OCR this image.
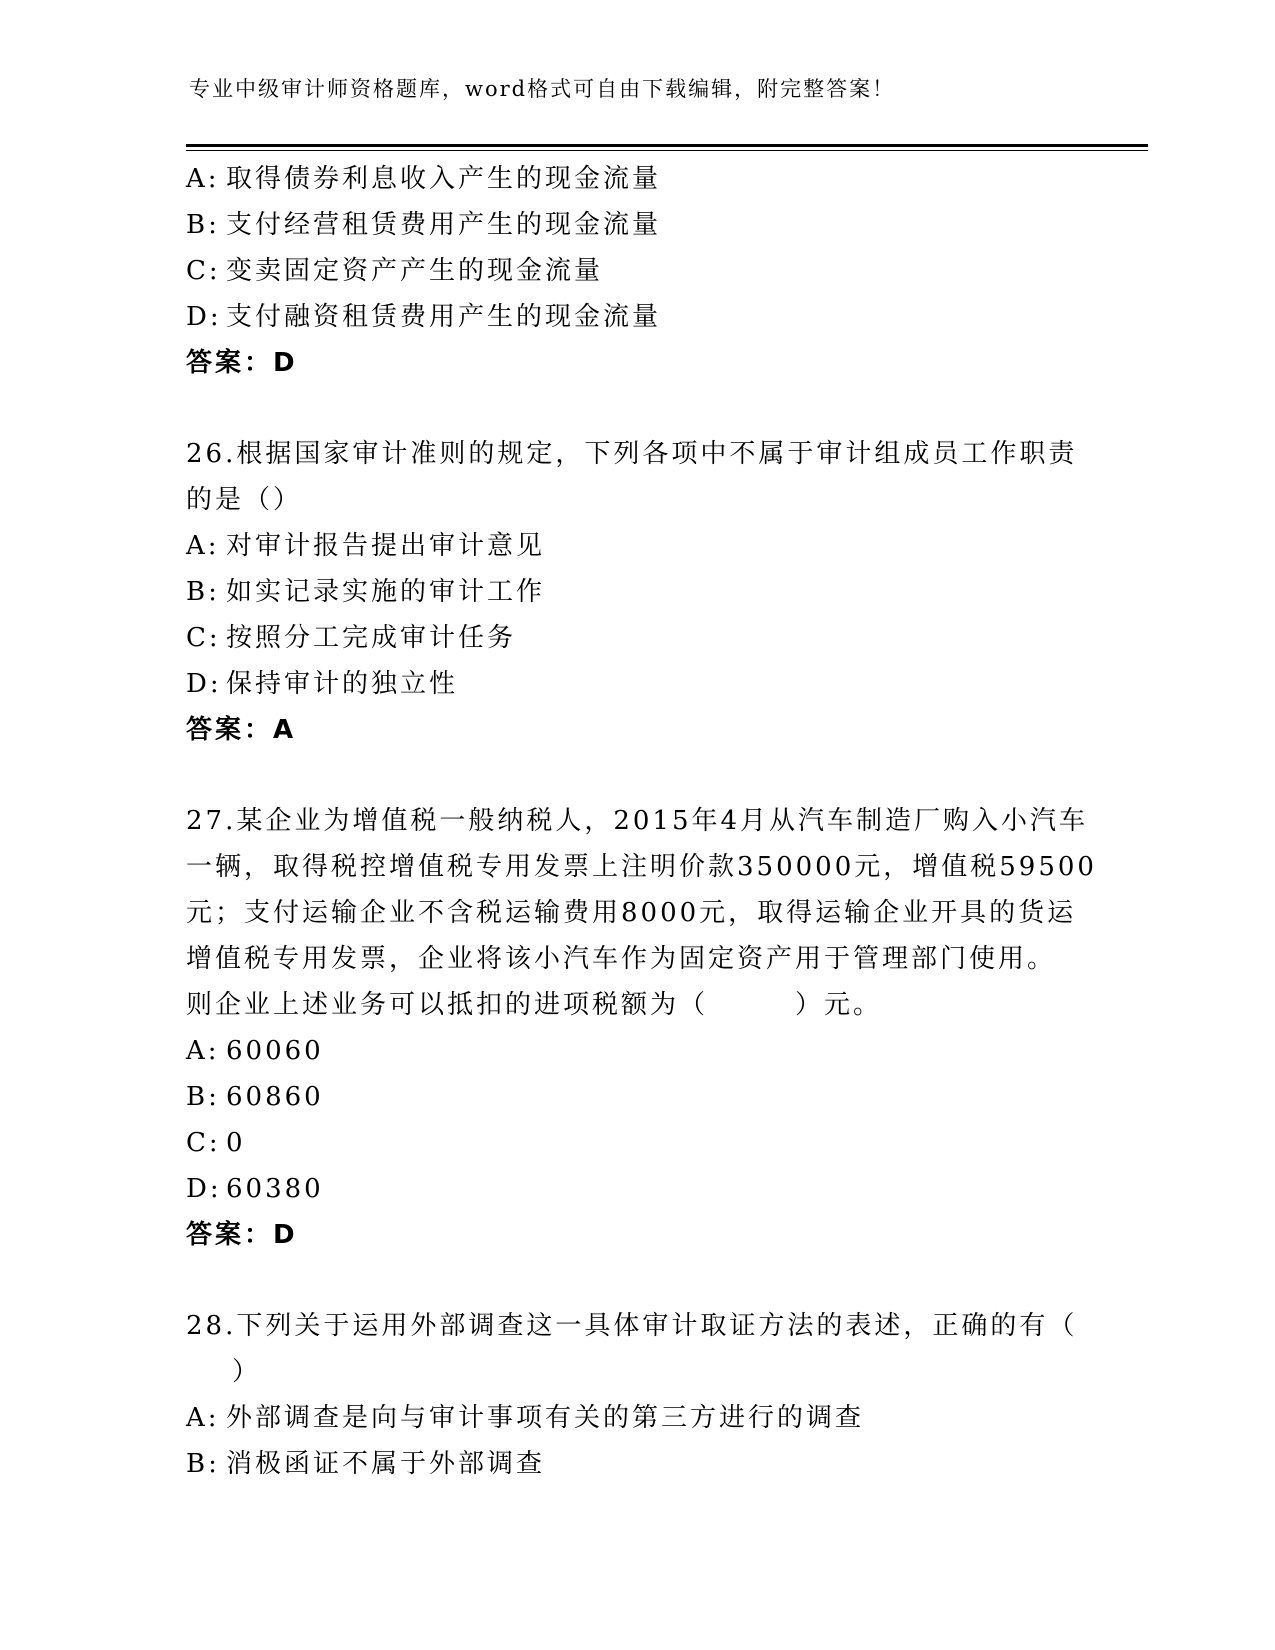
专业中级审计师资格题库，word格式可自由下载编辑，附完整答案！
A: 取得债券利息收入产生的现金流量
B: 支付经营租赁费用产生的现金流量
C: 变卖固定资产产生的现金流量
D: 支付融资租赁费用产生的现金流量
答案：D
26.根据国家审计准则的规定，下列各项中不属于审计组成员工作职责
的是（）
A: 对审计报告提出审计意见
B: 如实记录实施的审计工作
C: 按照分工完成审计任务
D: 保持审计的独立性
答案：A
27.某企业为增值税一般纳税人，2015年4月从汽车制造厂购入小汽车
一辆，取得税控增值税专用发票上注明价款350000元，增值税59500
元；支付运输企业不含税运输费用8000元，取得运输企业开具的货运
增值税专用发票，企业将该小汽车作为固定资产用于管理部门使用。
则企业上述业务可以抵扣的进项税额为（　　　）元。
A: 60060
B: 60860
C: 0
D: 60380
答案：D
28.下列关于运用外部调查这一具体审计取证方法的表述，正确的有（
）
A: 外部调查是向与审计事项有关的第三方进行的调查
B: 消极函证不属于外部调查
